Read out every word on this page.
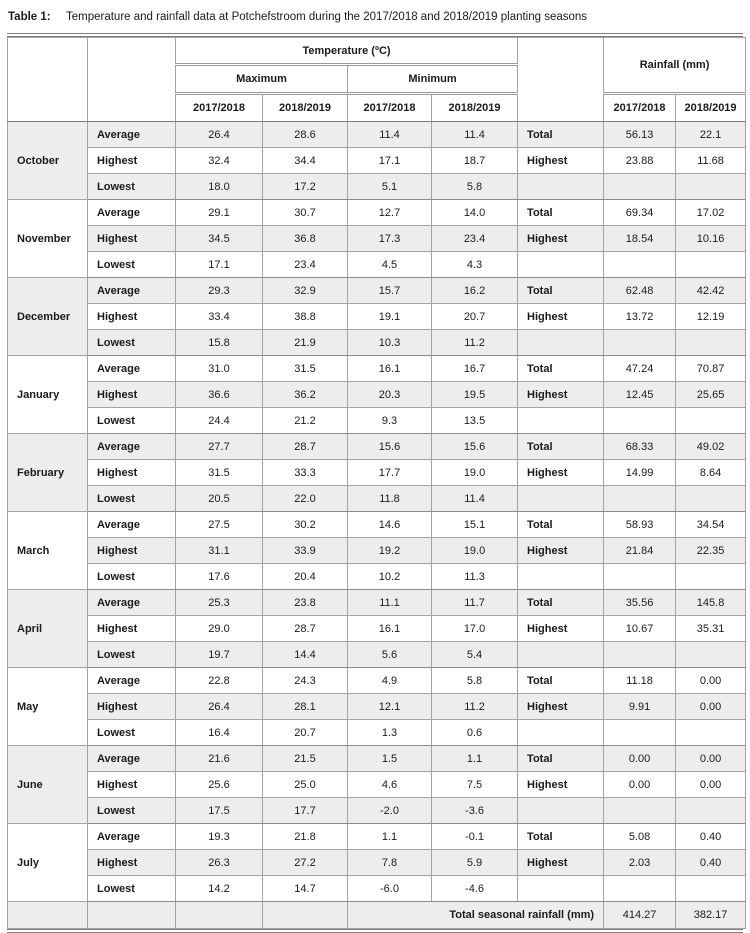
Table 1:	Temperature and rainfall data at Potchefstroom during the 2017/2018 and 2018/2019 planting seasons
		Temperature (ºC)					Rainfall (mm)	
		Maximum		Minimum				
		2017/2018	2018/2019	2017/2018	2018/2019		2017/2018	2018/2019
October	Average	26.4	28.6	11.4	11.4	Total	56.13	22.1
	Highest	32.4	34.4	17.1	18.7	Highest	23.88	11.68
	Lowest	18.0	17.2	5.1	5.8			
November	Average	29.1	30.7	12.7	14.0	Total	69.34	17.02
	Highest	34.5	36.8	17.3	23.4	Highest	18.54	10.16
	Lowest	17.1	23.4	4.5	4.3			
December	Average	29.3	32.9	15.7	16.2	Total	62.48	42.42
	Highest	33.4	38.8	19.1	20.7	Highest	13.72	12.19
	Lowest	15.8	21.9	10.3	11.2			
January	Average	31.0	31.5	16.1	16.7	Total	47.24	70.87
	Highest	36.6	36.2	20.3	19.5	Highest	12.45	25.65
	Lowest	24.4	21.2	9.3	13.5			
February	Average	27.7	28.7	15.6	15.6	Total	68.33	49.02
	Highest	31.5	33.3	17.7	19.0	Highest	14.99	8.64
	Lowest	20.5	22.0	11.8	11.4			
March	Average	27.5	30.2	14.6	15.1	Total	58.93	34.54
	Highest	31.1	33.9	19.2	19.0	Highest	21.84	22.35
	Lowest	17.6	20.4	10.2	11.3			
April	Average	25.3	23.8	11.1	11.7	Total	35.56	145.8
	Highest	29.0	28.7	16.1	17.0	Highest	10.67	35.31
	Lowest	19.7	14.4	5.6	5.4			
May	Average	22.8	24.3	4.9	5.8	Total	11.18	0.00
	Highest	26.4	28.1	12.1	11.2	Highest	9.91	0.00
	Lowest	16.4	20.7	1.3	0.6			
June	Average	21.6	21.5	1.5	1.1	Total	0.00	0.00
	Highest	25.6	25.0	4.6	7.5	Highest	0.00	0.00
	Lowest	17.5	17.7	-2.0	-3.6			
July	Average	19.3	21.8	1.1	-0.1	Total	5.08	0.40
	Highest	26.3	27.2	7.8	5.9	Highest	2.03	0.40
	Lowest	14.2	14.7	-6.0	-4.6			
				Total seasonal rainfall (mm)			414.27	382.17
